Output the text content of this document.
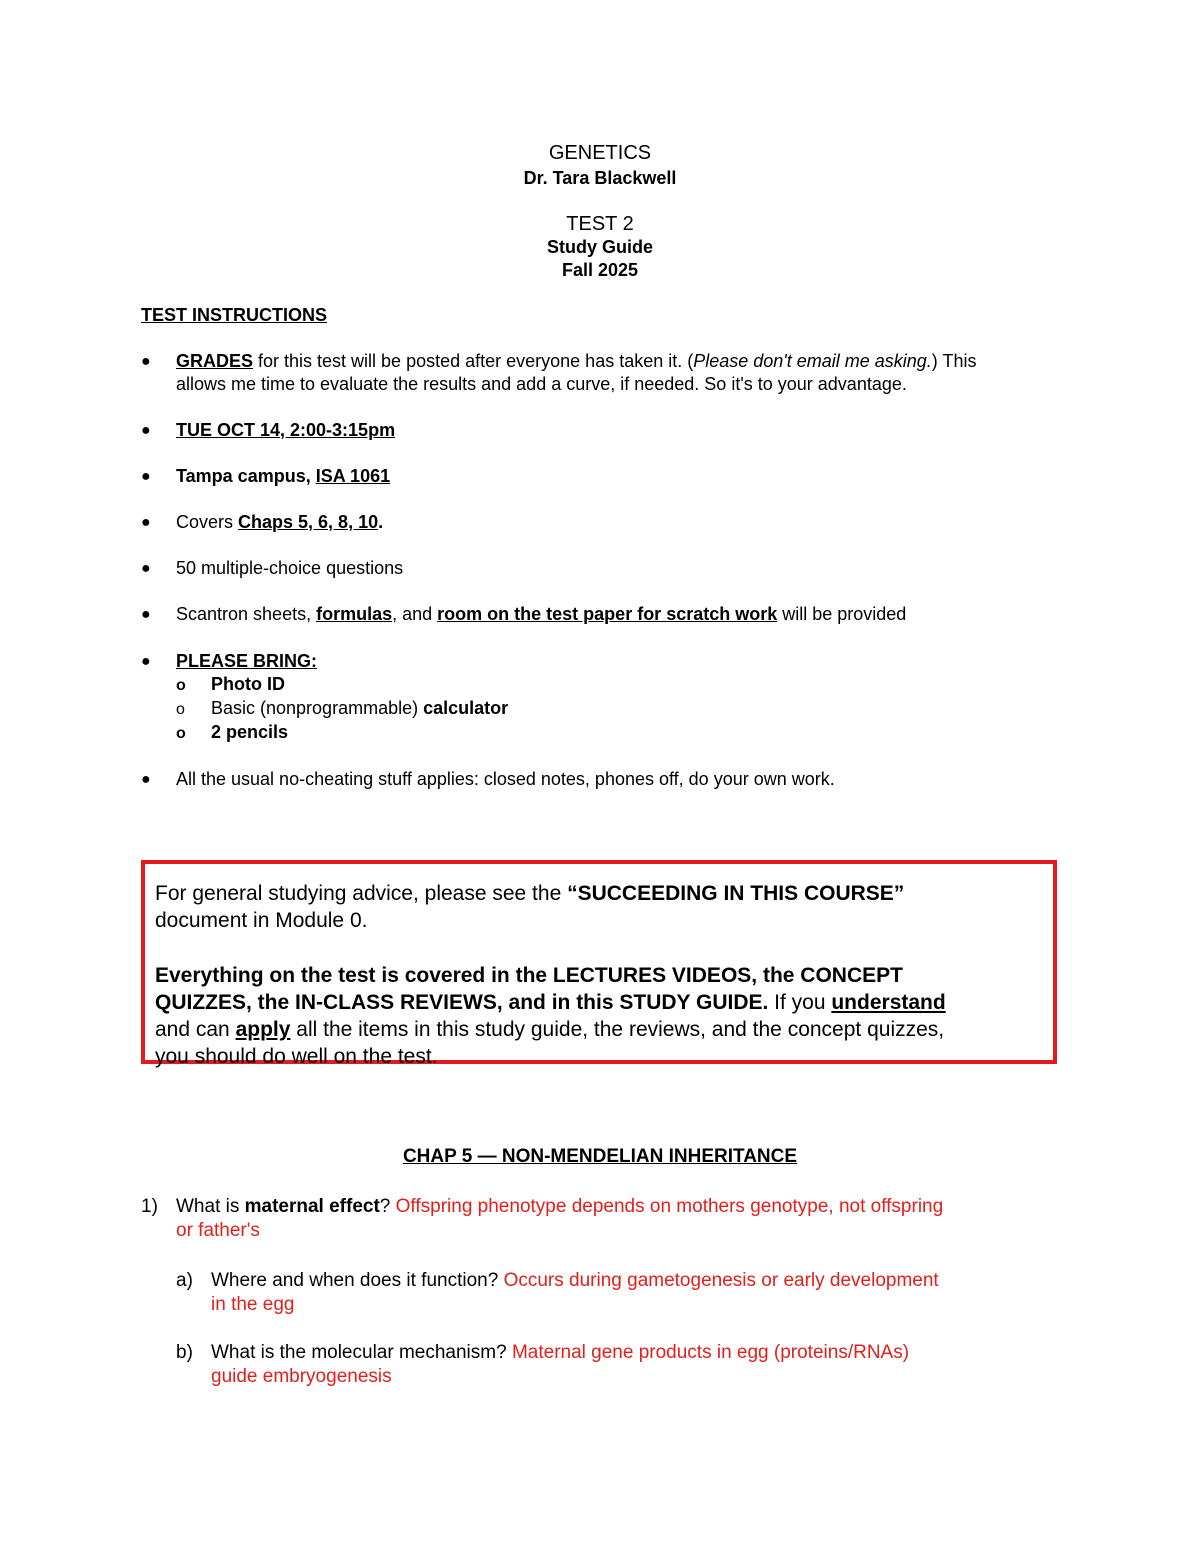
GENETICS
Dr. Tara Blackwell
TEST 2
Study Guide
Fall 2025
TEST INSTRUCTIONS
● GRADES for this test will be posted after everyone has taken it. (Please don't email me asking.) This
allows me time to evaluate the results and add a curve, if needed. So it's to your advantage.
● TUE OCT 14, 2:00-3:15pm
● Tampa campus, ISA 1061
● Covers Chaps 5, 6, 8, 10.
● 50 multiple-choice questions
● Scantron sheets, formulas, and room on the test paper for scratch work will be provided
● PLEASE BRING:
o Photo ID
o Basic (nonprogrammable) calculator
o 2 pencils
● All the usual no-cheating stuff applies: closed notes, phones off, do your own work.
For general studying advice, please see the “SUCCEEDING IN THIS COURSE”
document in Module 0.
Everything on the test is covered in the LECTURES VIDEOS, the CONCEPT
QUIZZES, the IN-CLASS REVIEWS, and in this STUDY GUIDE. If you understand
and can apply all the items in this study guide, the reviews, and the concept quizzes,
you should do well on the test.
CHAP 5 — NON-MENDELIAN INHERITANCE
1) What is maternal effect? Offspring phenotype depends on mothers genotype, not offspring
or father's
a) Where and when does it function? Occurs during gametogenesis or early development
in the egg
b) What is the molecular mechanism? Maternal gene products in egg (proteins/RNAs)
guide embryogenesis
